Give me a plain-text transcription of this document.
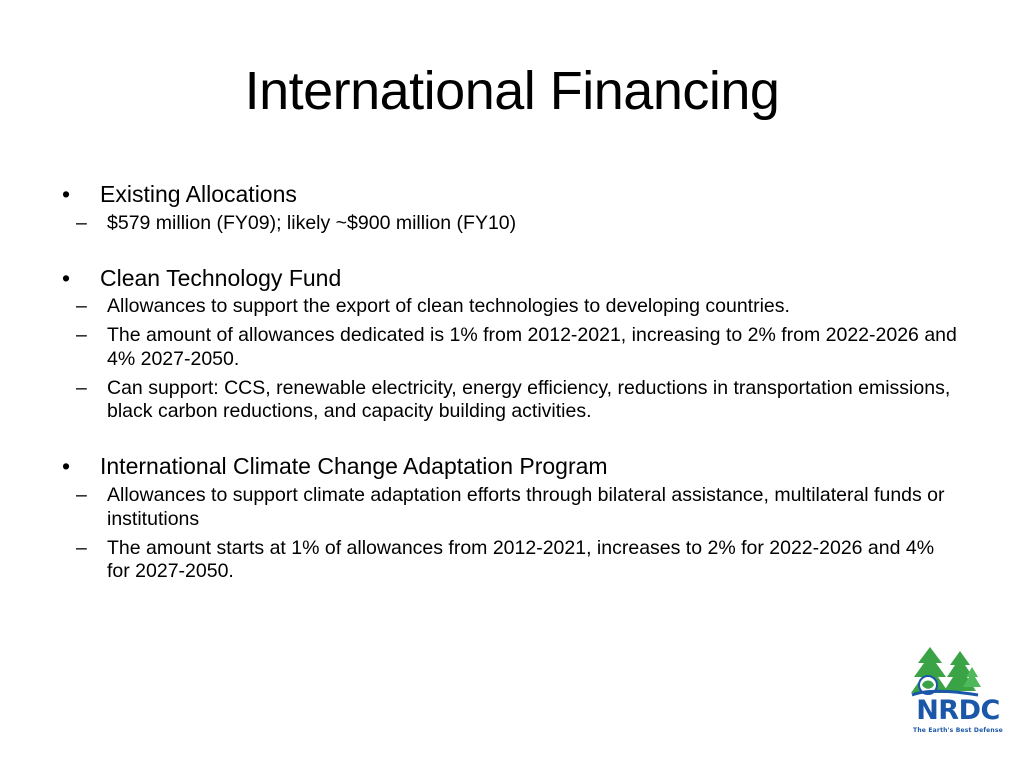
International Financing
• Existing Allocations
– $579 million (FY09); likely ~$900 million (FY10)
• Clean Technology Fund
– Allowances to support the export of clean technologies to developing countries.
– The amount of allowances dedicated is 1% from 2012-2021, increasing to 2% from 2022-2026 and 4% 2027-2050.
– Can support: CCS, renewable electricity, energy efficiency, reductions in transportation emissions, black carbon reductions, and capacity building activities.
• International Climate Change Adaptation Program
– Allowances to support climate adaptation efforts through bilateral assistance, multilateral funds or institutions
– The amount starts at 1% of allowances from 2012-2021, increases to 2% for 2022-2026 and 4% for 2027-2050.
NRDC
The Earth's Best Defense
